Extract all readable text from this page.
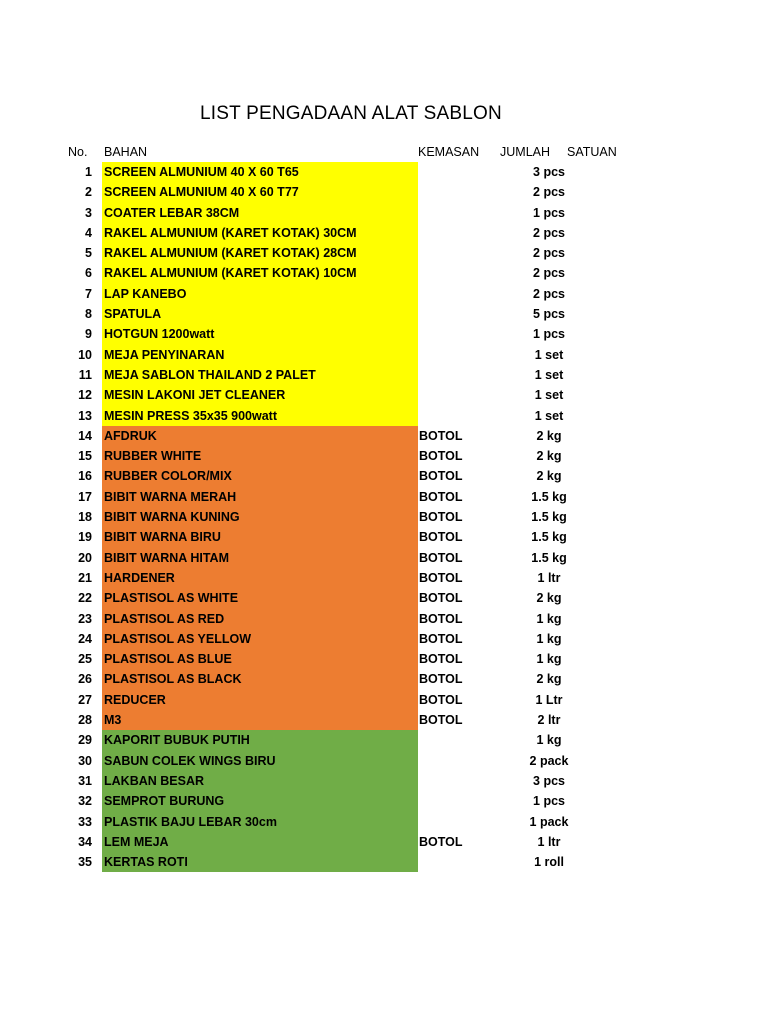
LIST PENGADAAN ALAT SABLON
No. BAHAN	KEMASAN JUMLAH SATUAN
1 SCREEN ALMUNIUM 40 X 60 T65	3 pcs
2 SCREEN ALMUNIUM 40 X 60 T77	2 pcs
3 COATER LEBAR 38CM	1 pcs
4 RAKEL ALMUNIUM (KARET KOTAK) 30CM	2 pcs
5 RAKEL ALMUNIUM (KARET KOTAK) 28CM	2 pcs
6 RAKEL ALMUNIUM (KARET KOTAK) 10CM	2 pcs
7 LAP KANEBO	2 pcs
8 SPATULA	5 pcs
9 HOTGUN 1200watt	1 pcs
10 MEJA PENYINARAN	1 set
11 MEJA SABLON THAILAND 2 PALET	1 set
12 MESIN LAKONI JET CLEANER	1 set
13 MESIN PRESS 35x35 900watt	1 set
14 AFDRUK	BOTOL	2 kg
15 RUBBER WHITE	BOTOL	2 kg
16 RUBBER COLOR/MIX	BOTOL	2 kg
17 BIBIT WARNA MERAH	BOTOL	1.5 kg
18 BIBIT WARNA KUNING	BOTOL	1.5 kg
19 BIBIT WARNA BIRU	BOTOL	1.5 kg
20 BIBIT WARNA HITAM	BOTOL	1.5 kg
21 HARDENER	BOTOL	1 ltr
22 PLASTISOL AS WHITE	BOTOL	2 kg
23 PLASTISOL AS RED	BOTOL	1 kg
24 PLASTISOL AS YELLOW	BOTOL	1 kg
25 PLASTISOL AS BLUE	BOTOL	1 kg
26 PLASTISOL AS BLACK	BOTOL	2 kg
27 REDUCER	BOTOL	1 Ltr
28 M3	BOTOL	2 ltr
29 KAPORIT BUBUK PUTIH	1 kg
30 SABUN COLEK WINGS BIRU	2 pack
31 LAKBAN BESAR	3 pcs
32 SEMPROT BURUNG	1 pcs
33 PLASTIK BAJU LEBAR 30cm	1 pack
34 LEM MEJA	BOTOL	1 ltr
35 KERTAS ROTI	1 roll
